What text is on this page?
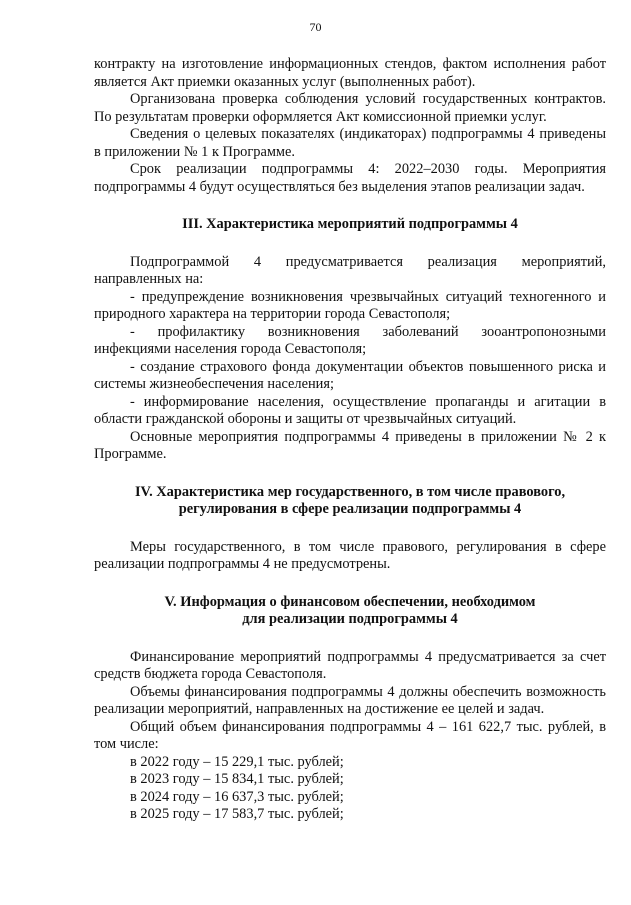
70

контракту на изготовление информационных стендов, фактом исполнения работ является Акт приемки оказанных услуг (выполненных работ).

Организована проверка соблюдения условий государственных контрактов. По результатам проверки оформляется Акт комиссионной приемки услуг.

Сведения о целевых показателях (индикаторах) подпрограммы 4 приведены в приложении № 1 к Программе.

Срок реализации подпрограммы 4: 2022–2030 годы. Мероприятия подпрограммы 4 будут осуществляться без выделения этапов реализации задач.

III. Характеристика мероприятий подпрограммы 4

Подпрограммой 4 предусматривается реализация мероприятий, направленных на:

- предупреждение возникновения чрезвычайных ситуаций техногенного и природного характера на территории города Севастополя;

- профилактику возникновения заболеваний зооантропонозными инфекциями населения города Севастополя;

- создание страхового фонда документации объектов повышенного риска и системы жизнеобеспечения населения;

- информирование населения, осуществление пропаганды и агитации в области гражданской обороны и защиты от чрезвычайных ситуаций.

Основные мероприятия подпрограммы 4 приведены в приложении № 2 к Программе.

IV. Характеристика мер государственного, в том числе правового,

регулирования в сфере реализации подпрограммы 4

Меры государственного, в том числе правового, регулирования в сфере реализации подпрограммы 4 не предусмотрены.

V. Информация о финансовом обеспечении, необходимом

для реализации подпрограммы 4

Финансирование мероприятий подпрограммы 4 предусматривается за счет средств бюджета города Севастополя.

Объемы финансирования подпрограммы 4 должны обеспечить возможность реализации мероприятий, направленных на достижение ее целей и задач.

Общий объем финансирования подпрограммы 4 – 161 622,7 тыс. рублей, в том числе:

в 2022 году – 15 229,1 тыс. рублей;

в 2023 году – 15 834,1 тыс. рублей;

в 2024 году – 16 637,3 тыс. рублей;

в 2025 году – 17 583,7 тыс. рублей;
